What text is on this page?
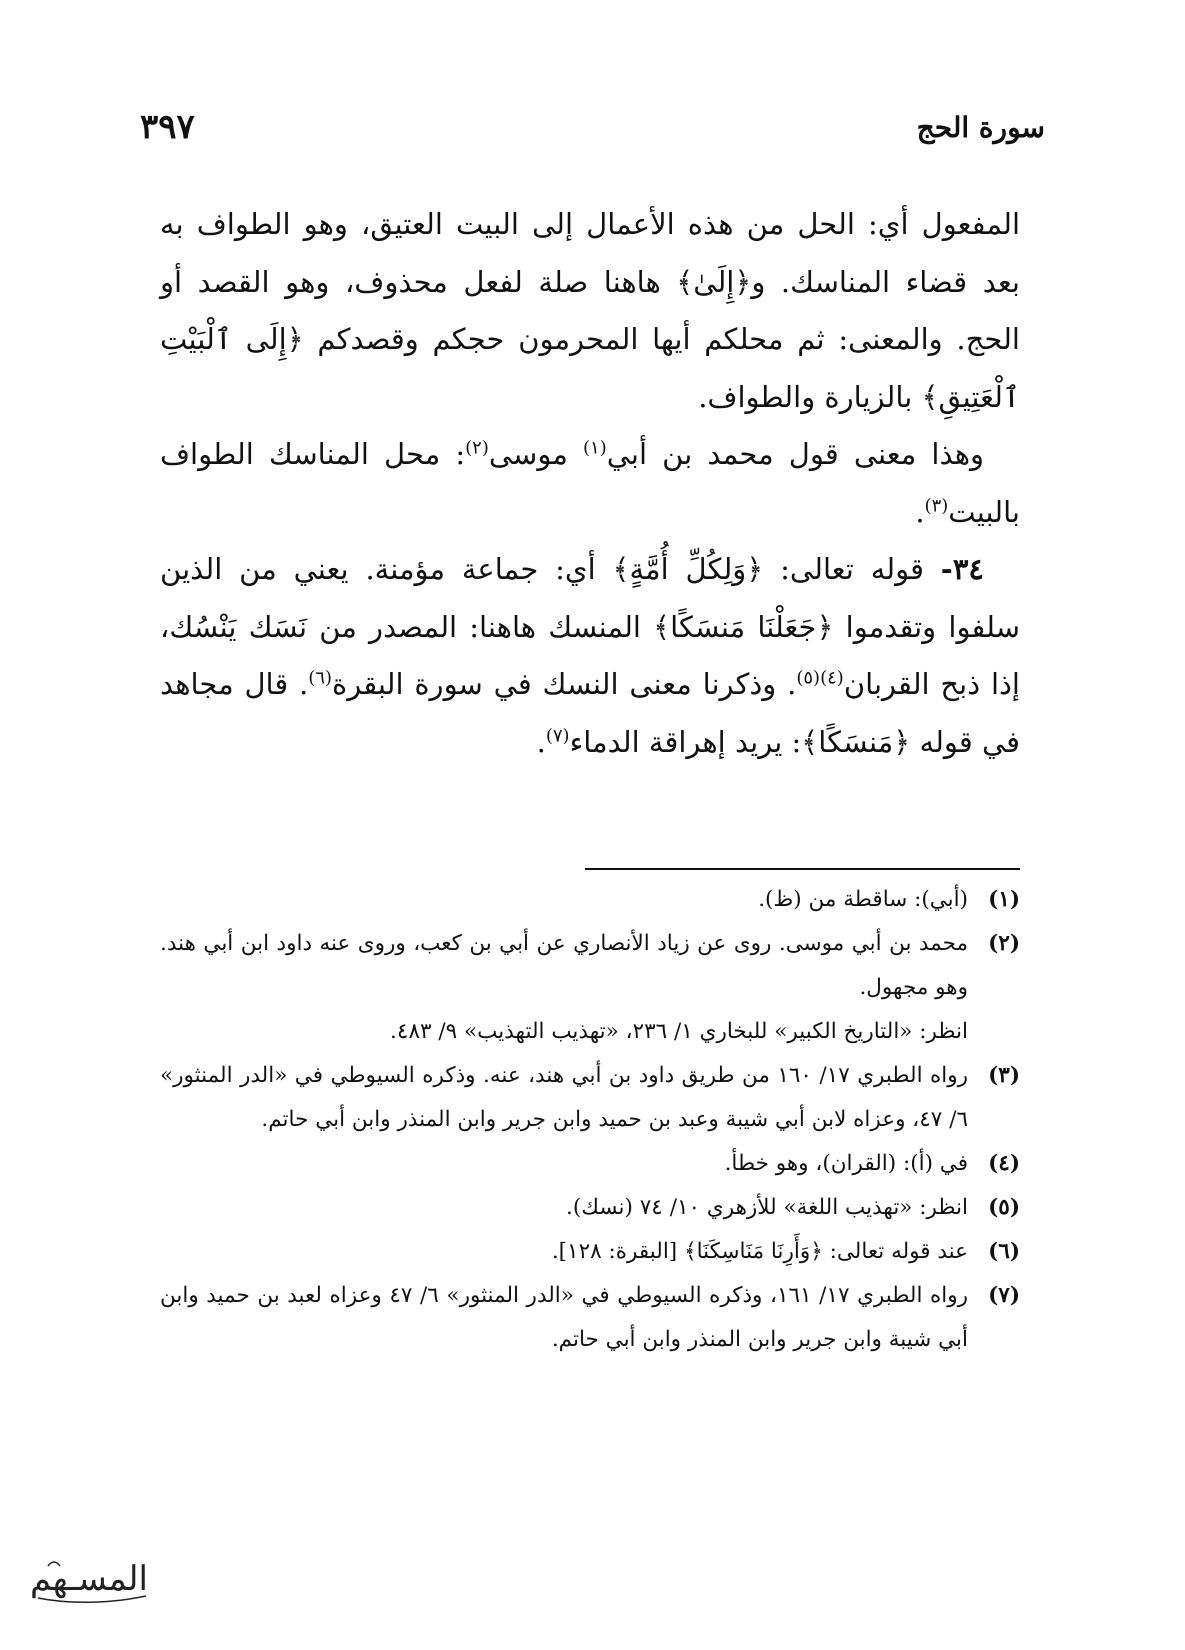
سورة الحج
٣٩٧

المفعول أي: الحل من هذه الأعمال إلى البيت العتيق، وهو الطواف به بعد قضاء المناسك. و﴿إِلَىٰ﴾ هاهنا صلة لفعل محذوف، وهو القصد أو الحج. والمعنى: ثم محلكم أيها المحرمون حجكم وقصدكم ﴿إِلَى ٱلْبَيْتِ ٱلْعَتِيقِ﴾ بالزيارة والطواف.

وهذا معنى قول محمد بن أبي$^{(١)}$ موسى$^{(٢)}$: محل المناسك الطواف بالبيت$^{(٣)}$.

٣٤- قوله تعالى: ﴿وَلِكُلِّ أُمَّةٍ﴾ أي: جماعة مؤمنة. يعني من الذين سلفوا وتقدموا ﴿جَعَلْنَا مَنسَكًا﴾ المنسك هاهنا: المصدر من نَسَك يَنْسُك، إذا ذبح القربان$^{(٤)(٥)}$. وذكرنا معنى النسك في سورة البقرة$^{(٦)}$. قال مجاهد في قوله ﴿مَنسَكًا﴾: يريد إهراقة الدماء$^{(٧)}$.

(١)
(أبي): ساقطة من (ظ).
(٢)
محمد بن أبي موسى. روى عن زياد الأنصاري عن أبي بن كعب، وروى عنه داود ابن أبي هند. وهو مجهول.
انظر: «التاريخ الكبير» للبخاري ١/ ٢٣٦، «تهذيب التهذيب» ٩/ ٤٨٣.
(٣)
رواه الطبري ١٧/ ١٦٠ من طريق داود بن أبي هند، عنه. وذكره السيوطي في «الدر المنثور» ٦/ ٤٧، وعزاه لابن أبي شيبة وعبد بن حميد وابن جرير وابن المنذر وابن أبي حاتم.
(٤)
في (أ): (القران)، وهو خطأ.
(٥)
انظر: «تهذيب اللغة» للأزهري ١٠/ ٧٤ (نسك).
(٦)
عند قوله تعالى: ﴿وَأَرِنَا مَنَاسِكَنَا﴾ [البقرة: ١٢٨].
(٧)
رواه الطبري ١٧/ ١٦١، وذكره السيوطي في «الدر المنثور» ٦/ ٤٧ وعزاه لعبد بن حميد وابن أبي شيبة وابن جرير وابن المنذر وابن أبي حاتم.
المسـهم
